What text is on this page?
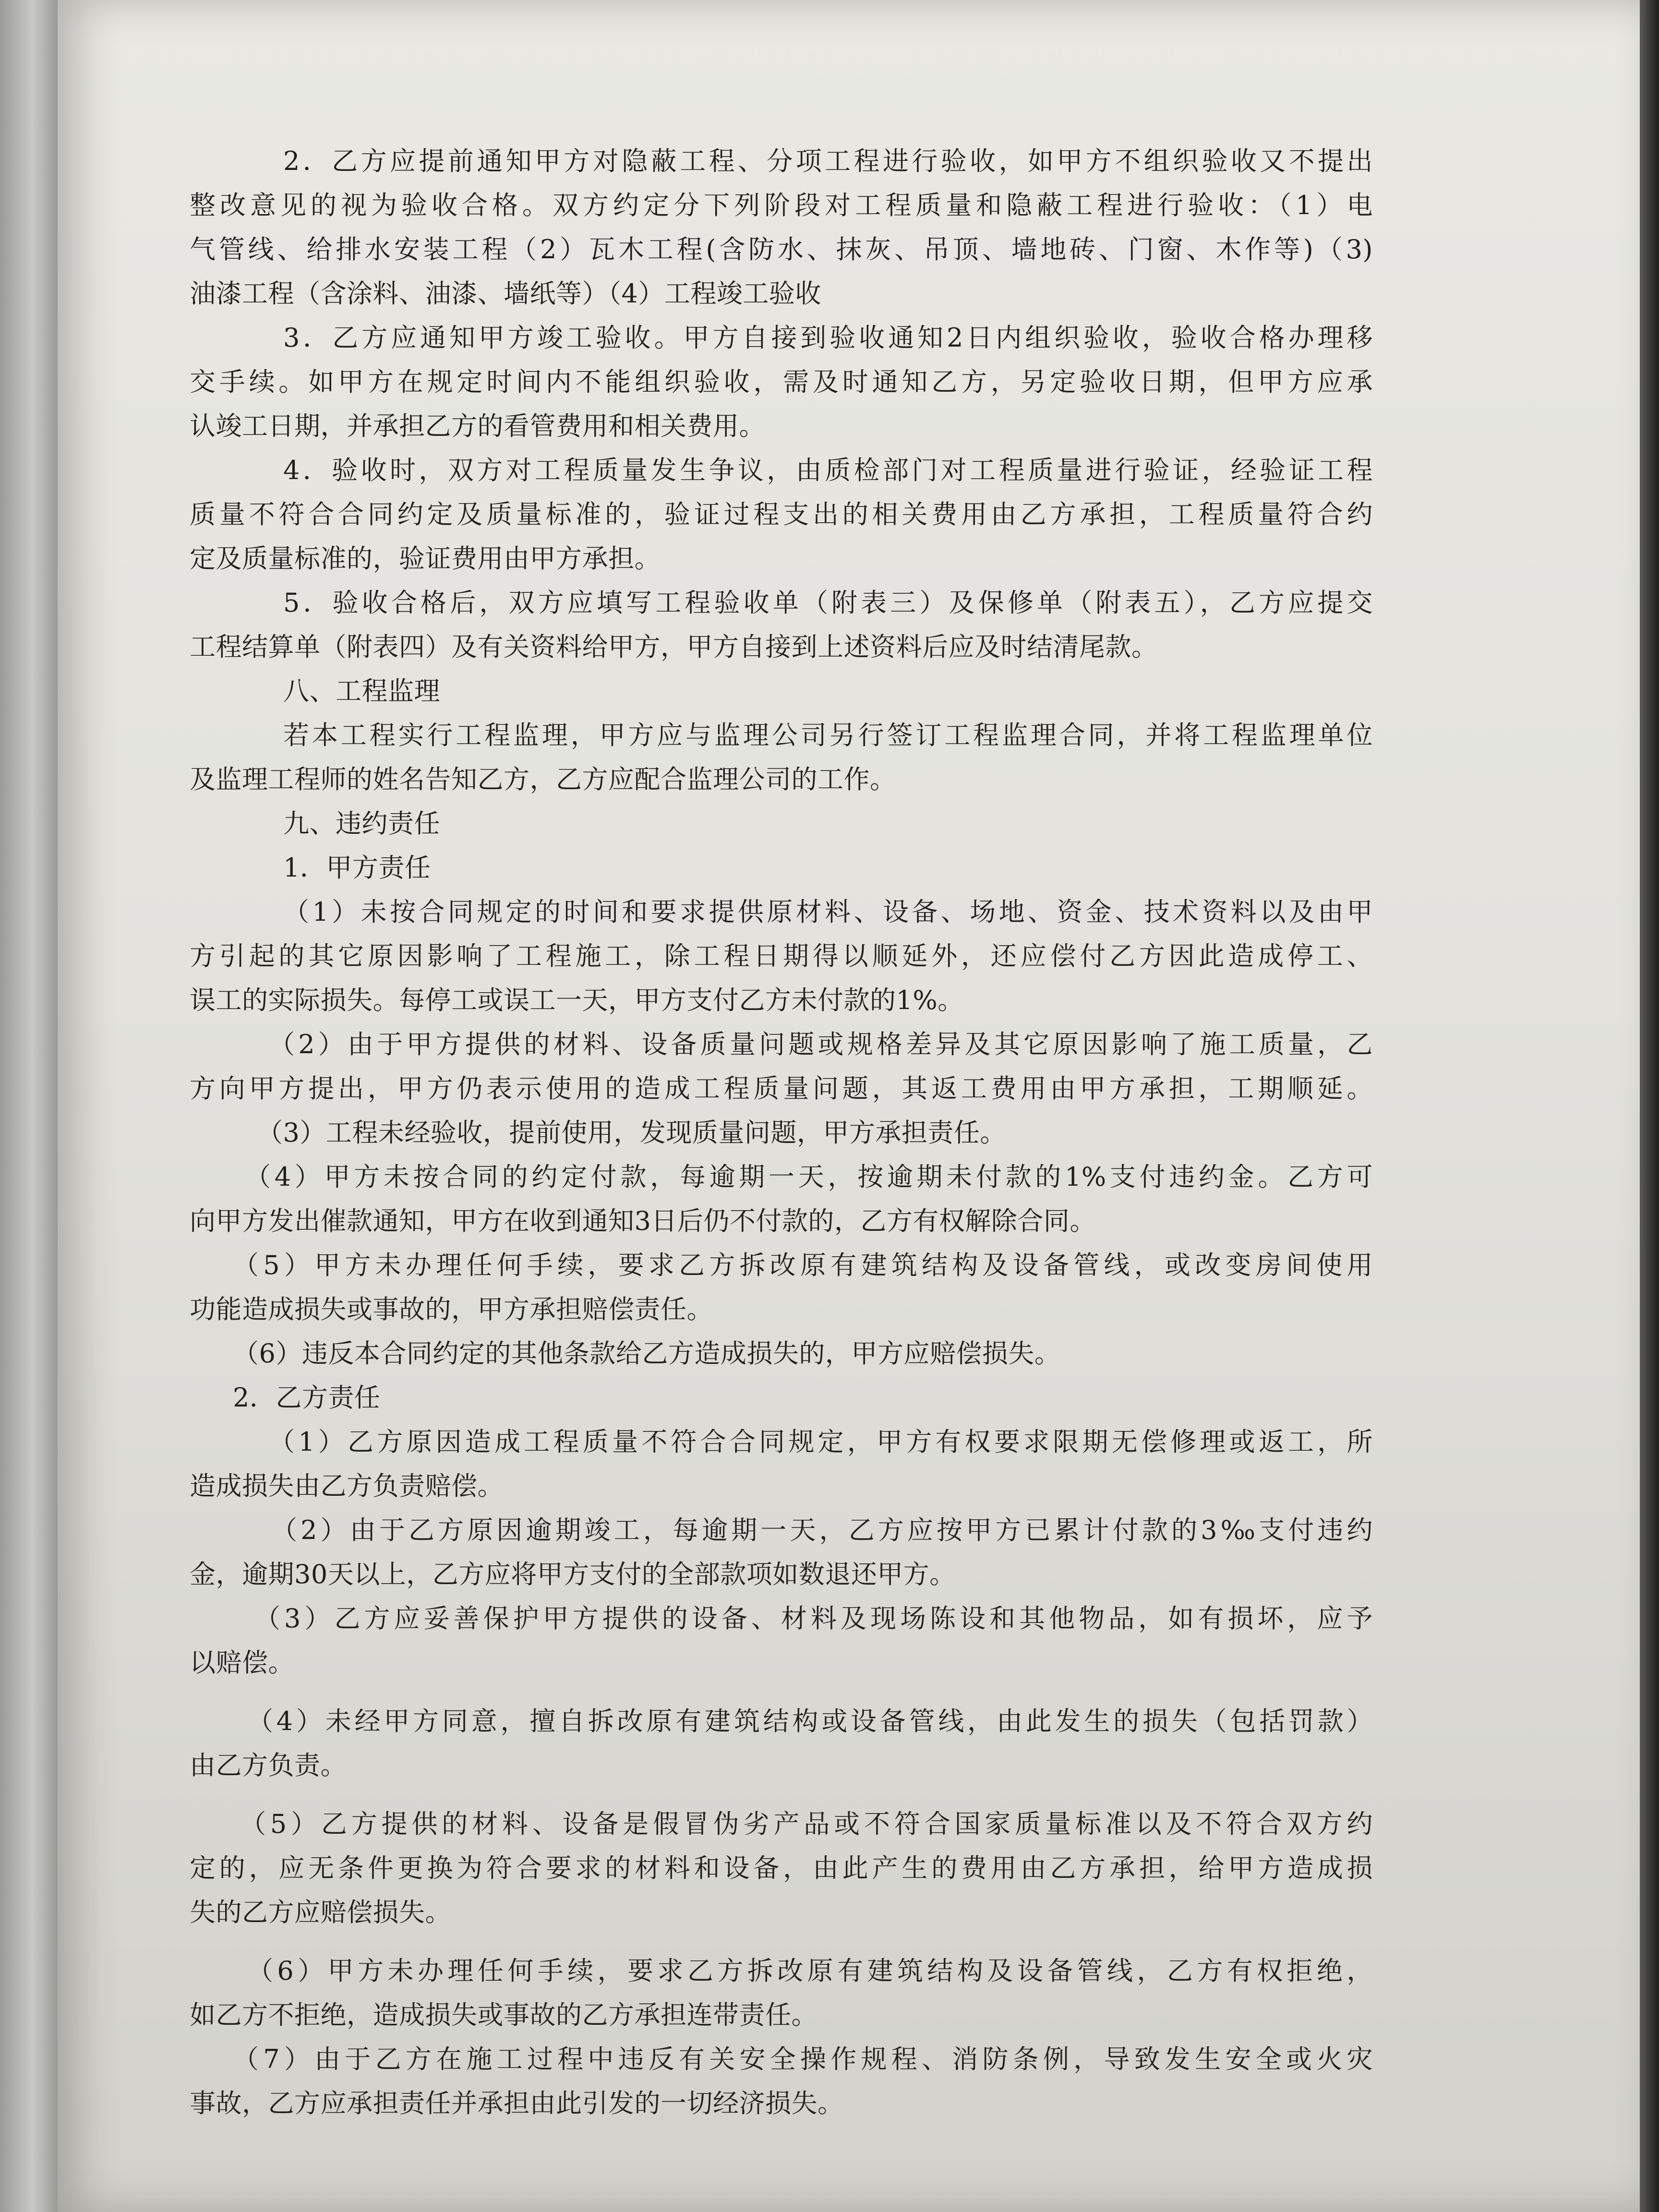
2．乙方应提前通知甲方对隐蔽工程、分项工程进行验收，如甲方不组织验收又不提出
整改意见的视为验收合格。双方约定分下列阶段对工程质量和隐蔽工程进行验收：（1）电
气管线、给排水安装工程（2）瓦木工程(含防水、抹灰、吊顶、墙地砖、门窗、木作等)（3)
油漆工程（含涂料、油漆、墙纸等）（4）工程竣工验收
3．乙方应通知甲方竣工验收。甲方自接到验收通知2日内组织验收，验收合格办理移
交手续。如甲方在规定时间内不能组织验收，需及时通知乙方，另定验收日期，但甲方应承
认竣工日期，并承担乙方的看管费用和相关费用。
4．验收时，双方对工程质量发生争议，由质检部门对工程质量进行验证，经验证工程
质量不符合合同约定及质量标准的，验证过程支出的相关费用由乙方承担，工程质量符合约
定及质量标准的，验证费用由甲方承担。
5．验收合格后，双方应填写工程验收单（附表三）及保修单（附表五），乙方应提交
工程结算单（附表四）及有关资料给甲方，甲方自接到上述资料后应及时结清尾款。
八、工程监理
若本工程实行工程监理，甲方应与监理公司另行签订工程监理合同，并将工程监理单位
及监理工程师的姓名告知乙方，乙方应配合监理公司的工作。
九、违约责任
1．甲方责任
（1）未按合同规定的时间和要求提供原材料、设备、场地、资金、技术资料以及由甲
方引起的其它原因影响了工程施工，除工程日期得以顺延外，还应偿付乙方因此造成停工、
误工的实际损失。每停工或误工一天，甲方支付乙方未付款的1%。
（2）由于甲方提供的材料、设备质量问题或规格差异及其它原因影响了施工质量，乙
方向甲方提出，甲方仍表示使用的造成工程质量问题，其返工费用由甲方承担，工期顺延。
（3）工程未经验收，提前使用，发现质量问题，甲方承担责任。
（4）甲方未按合同的约定付款，每逾期一天，按逾期未付款的1%支付违约金。乙方可
向甲方发出催款通知，甲方在收到通知3日后仍不付款的，乙方有权解除合同。
（5）甲方未办理任何手续，要求乙方拆改原有建筑结构及设备管线，或改变房间使用
功能造成损失或事故的，甲方承担赔偿责任。
（6）违反本合同约定的其他条款给乙方造成损失的，甲方应赔偿损失。
2．乙方责任
（1）乙方原因造成工程质量不符合合同规定，甲方有权要求限期无偿修理或返工，所
造成损失由乙方负责赔偿。
（2）由于乙方原因逾期竣工，每逾期一天，乙方应按甲方已累计付款的3‰支付违约
金，逾期30天以上，乙方应将甲方支付的全部款项如数退还甲方。
（3）乙方应妥善保护甲方提供的设备、材料及现场陈设和其他物品，如有损坏，应予
以赔偿。
（4）未经甲方同意，擅自拆改原有建筑结构或设备管线，由此发生的损失（包括罚款）
由乙方负责。
（5）乙方提供的材料、设备是假冒伪劣产品或不符合国家质量标准以及不符合双方约
定的，应无条件更换为符合要求的材料和设备，由此产生的费用由乙方承担，给甲方造成损
失的乙方应赔偿损失。
（6）甲方未办理任何手续，要求乙方拆改原有建筑结构及设备管线，乙方有权拒绝，
如乙方不拒绝，造成损失或事故的乙方承担连带责任。
（7）由于乙方在施工过程中违反有关安全操作规程、消防条例，导致发生安全或火灾
事故，乙方应承担责任并承担由此引发的一切经济损失。
